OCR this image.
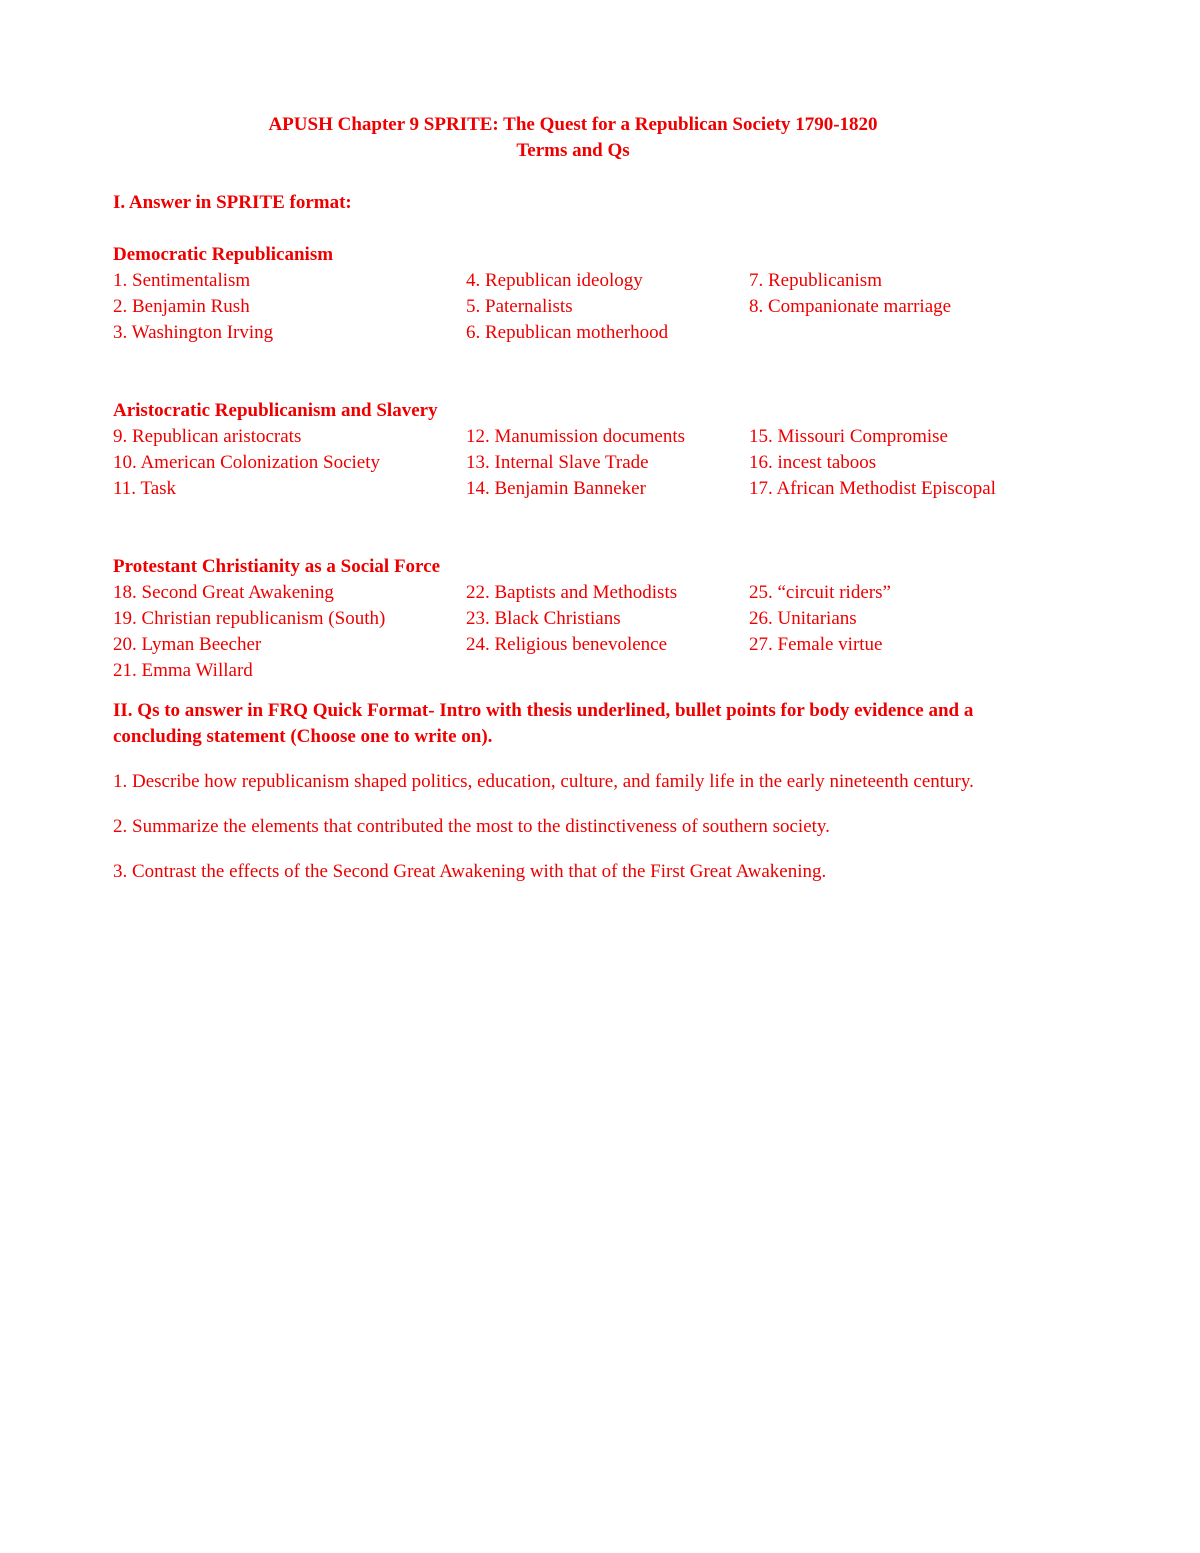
APUSH Chapter 9 SPRITE: The Quest for a Republican Society 1790-1820

Terms and Qs

I. Answer in SPRITE format:

Democratic Republicanism

1. Sentimentalism	4. Republican ideology	7. Republicanism
2. Benjamin Rush	5. Paternalists	8. Companionate marriage
3. Washington Irving	6. Republican motherhood

Aristocratic Republicanism and Slavery

9. Republican aristocrats	12. Manumission documents	15. Missouri Compromise
10. American Colonization Society	13. Internal Slave Trade	16. incest taboos
11. Task	14. Benjamin Banneker	17. African Methodist Episcopal

Protestant Christianity as a Social Force

18. Second Great Awakening	22. Baptists and Methodists	25. “circuit riders”
19. Christian republicanism (South)	23. Black Christians	26. Unitarians
20. Lyman Beecher	24. Religious benevolence	27. Female virtue
21. Emma Willard

II. Qs to answer in FRQ Quick Format- Intro with thesis underlined, bullet points for body evidence and a

concluding statement (Choose one to write on).

1. Describe how republicanism shaped politics, education, culture, and family life in the early nineteenth century.

2. Summarize the elements that contributed the most to the distinctiveness of southern society.

3. Contrast the effects of the Second Great Awakening with that of the First Great Awakening.
